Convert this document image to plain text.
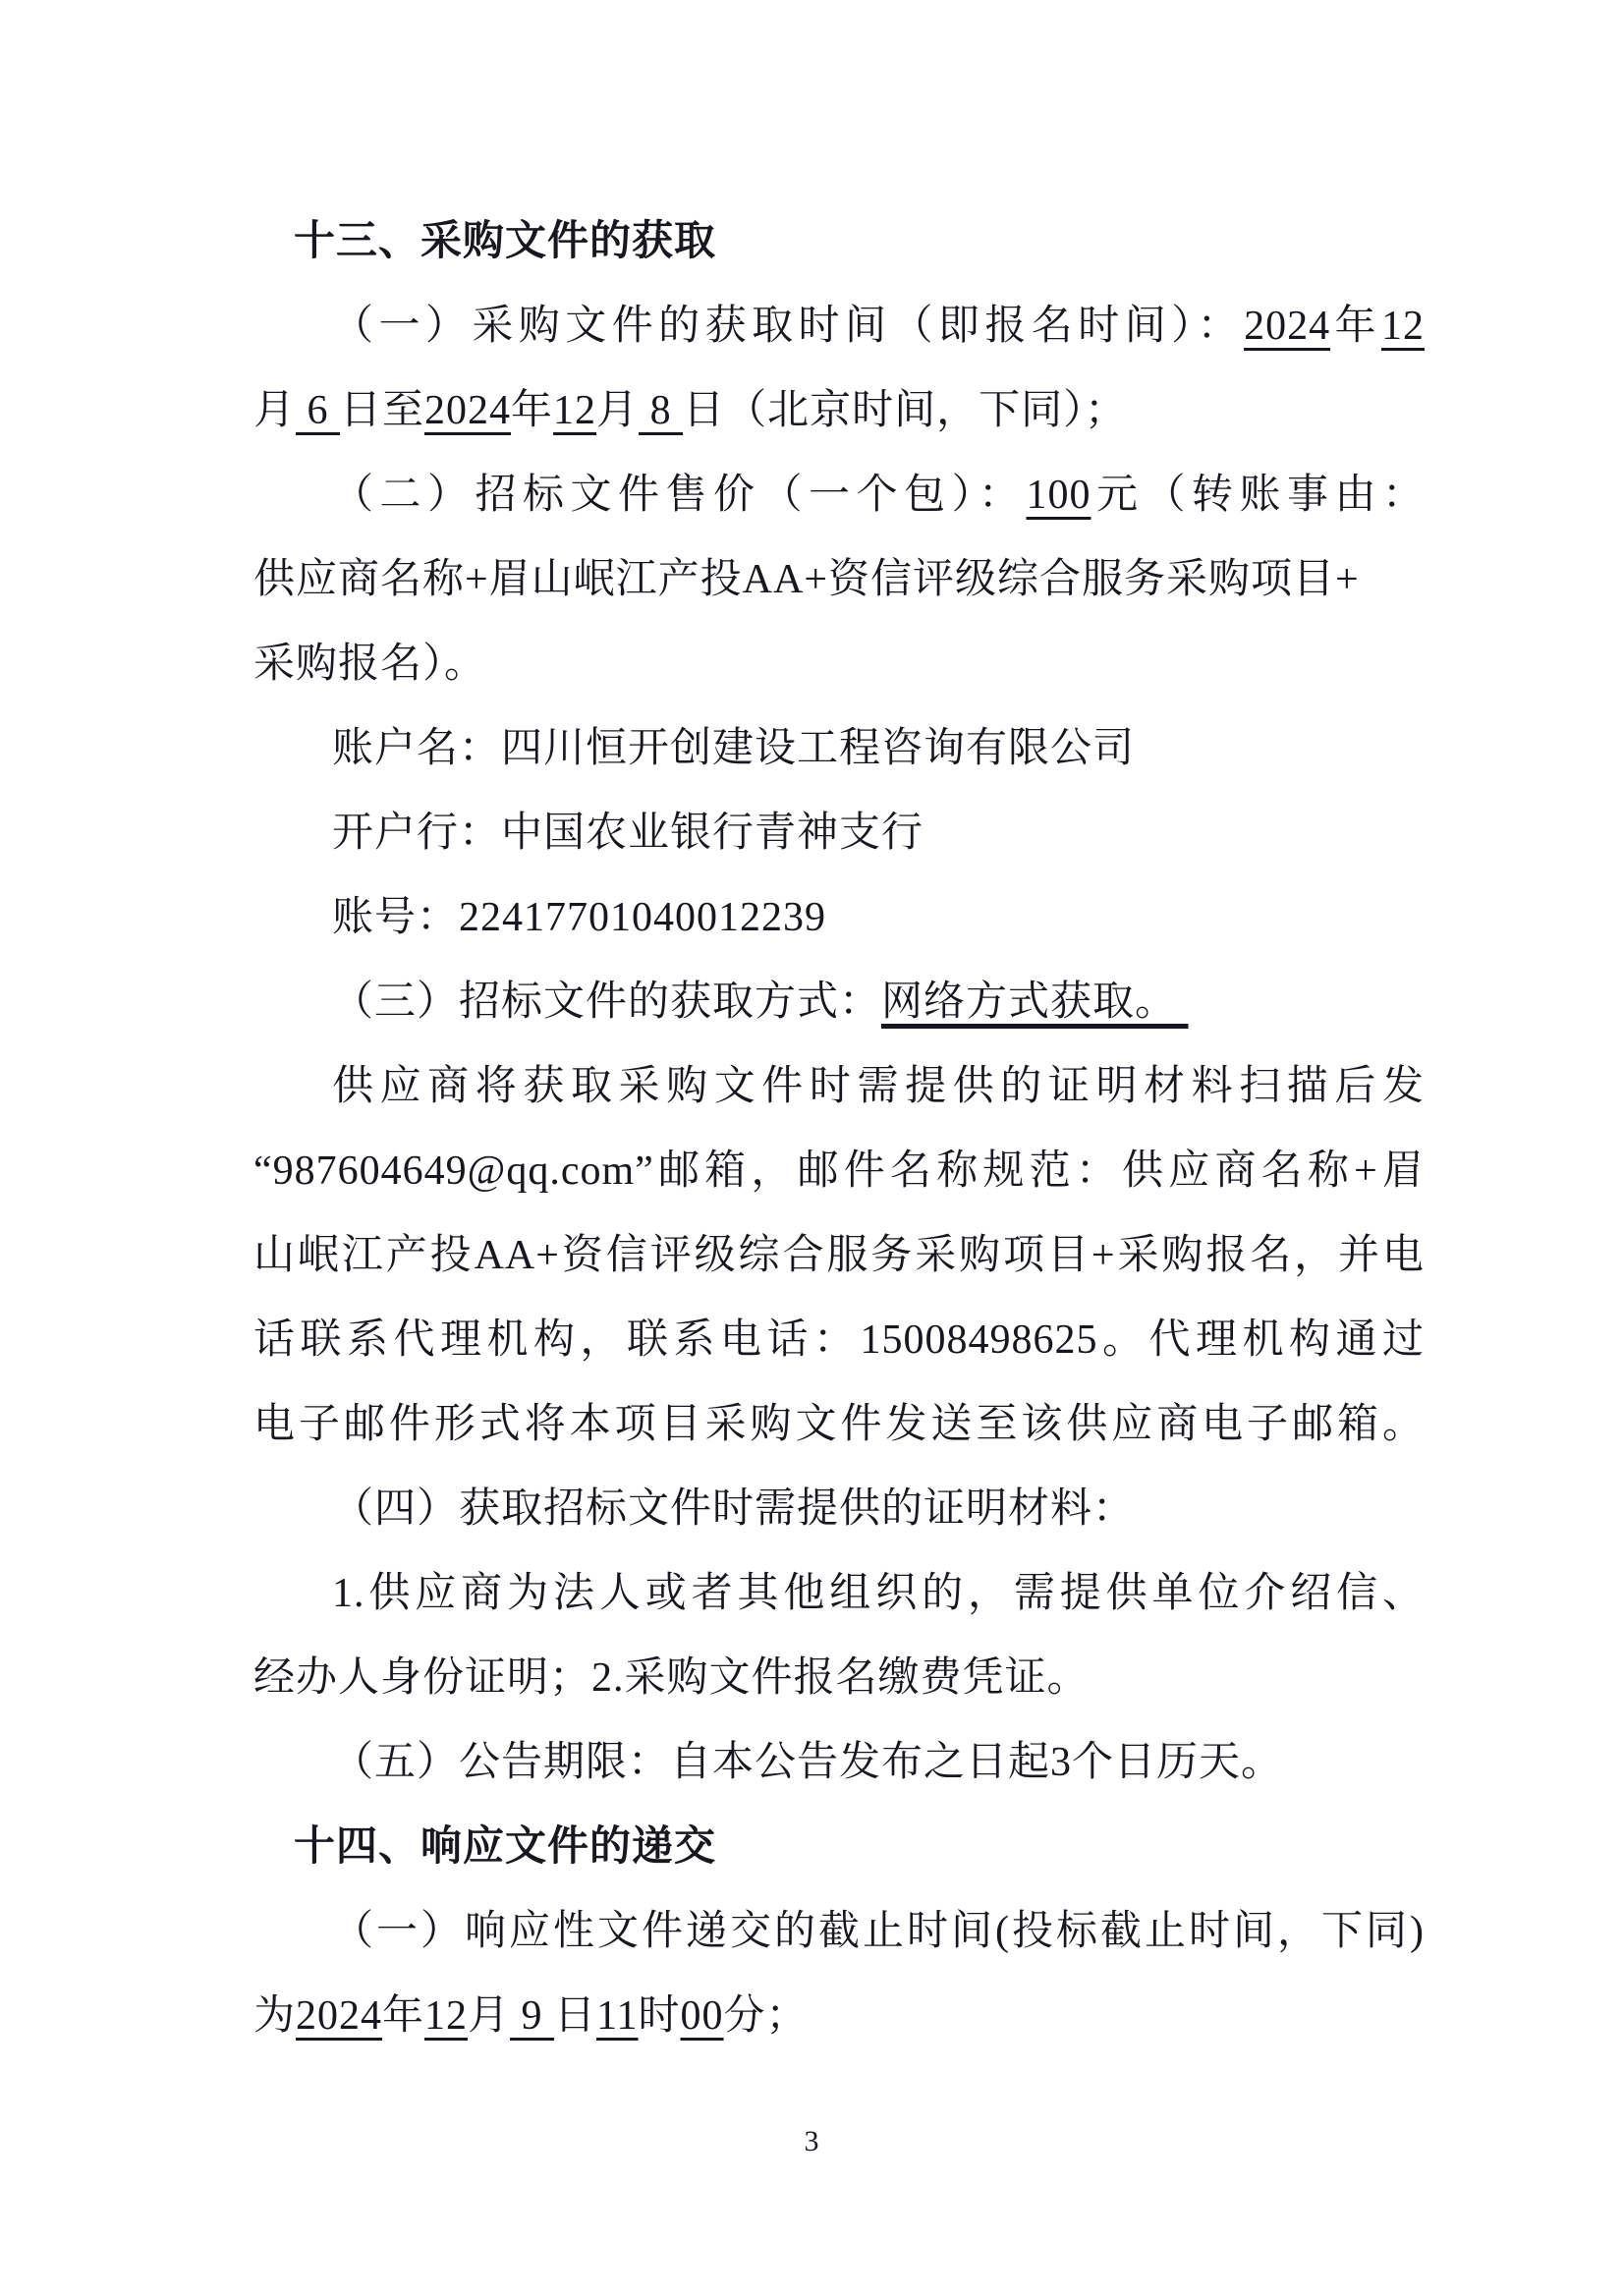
十三、采购文件的获取
（一）采购文件的获取时间（即报名时间）：2024年12
月 6 日至2024年12月 8 日（北京时间，下同）；
（二）招标文件售价（一个包）：100元（转账事由：
供应商名称+眉山岷江产投AA+资信评级综合服务采购项目+
采购报名）。
账户名：四川恒开创建设工程咨询有限公司
开户行：中国农业银行青神支行
账号：22417701040012239
（三）招标文件的获取方式：网络方式获取。
供应商将获取采购文件时需提供的证明材料扫描后发
“987604649@qq.com”邮箱，邮件名称规范：供应商名称+眉
山岷江产投AA+资信评级综合服务采购项目+采购报名，并电
话联系代理机构，联系电话：15008498625。代理机构通过
电子邮件形式将本项目采购文件发送至该供应商电子邮箱。
（四）获取招标文件时需提供的证明材料：
1.供应商为法人或者其他组织的，需提供单位介绍信、
经办人身份证明；2.采购文件报名缴费凭证。
（五）公告期限：自本公告发布之日起3个日历天。
十四、响应文件的递交
（一）响应性文件递交的截止时间(投标截止时间，下同)
为2024年12月 9 日11时00分；
3
